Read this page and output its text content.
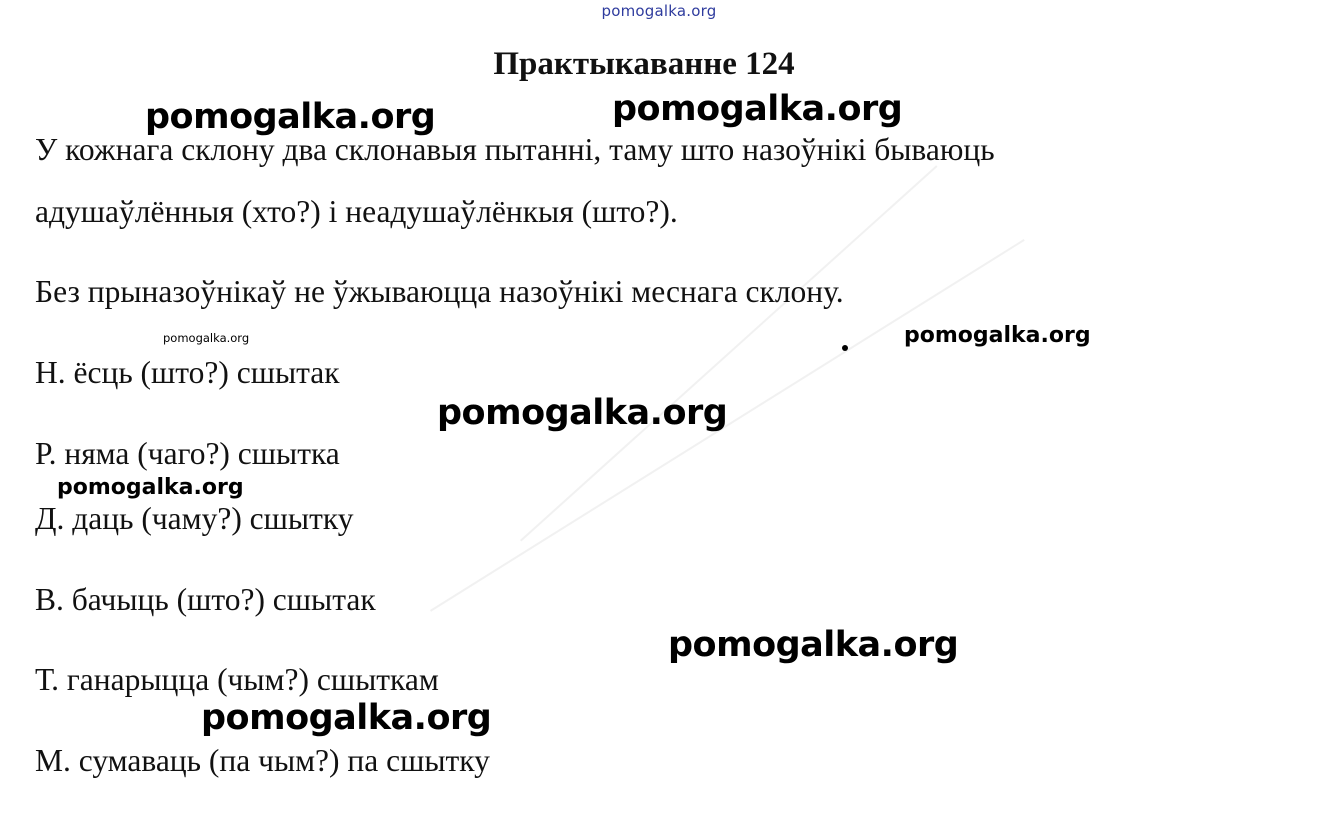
pomogalka.org
Практыкаванне 124
У кожнага склону два склонавыя пытанні, таму што назоўнікі бываюць
адушаўлённыя (хто?) і неадушаўлёнкыя (што?).
Без прыназоўнікаў не ўжываюцца назоўнікі меснага склону.
Н. ёсць (што?) сшытак
Р. няма (чаго?) сшытка
Д. даць (чаму?) сшытку
В. бачыць (што?) сшытак
Т. ганарыцца (чым?) сшыткам
М. сумаваць (па чым?) па сшытку
pomogalka.org	pomogalka.org
pomogalka.org	pomogalka.org
pomogalka.org
pomogalka.org
pomogalka.org
pomogalka.org
